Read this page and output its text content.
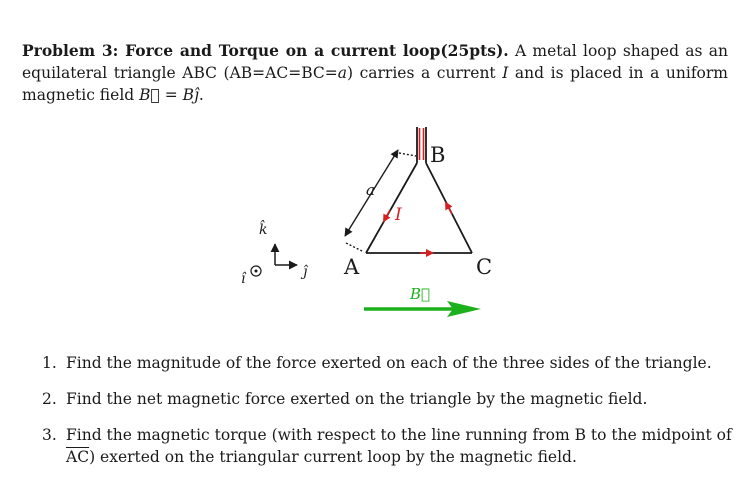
Problem 3: Force and Torque on a current loop(25pts). A metal loop shaped as an equilateral triangle ABC (AB=AC=BC=a) carries a current I and is placed in a uniform magnetic field B⃗ = Bĵ.
B
A	C
a
I
k̂
ĵ
î
B⃗
1. Find the magnitude of the force exerted on each of the three sides of the triangle.
2. Find the net magnetic force exerted on the triangle by the magnetic field.
3. Find the magnetic torque (with respect to the line running from B to the midpoint of $\overline{AC}$) exerted on the triangular current loop by the magnetic field.
